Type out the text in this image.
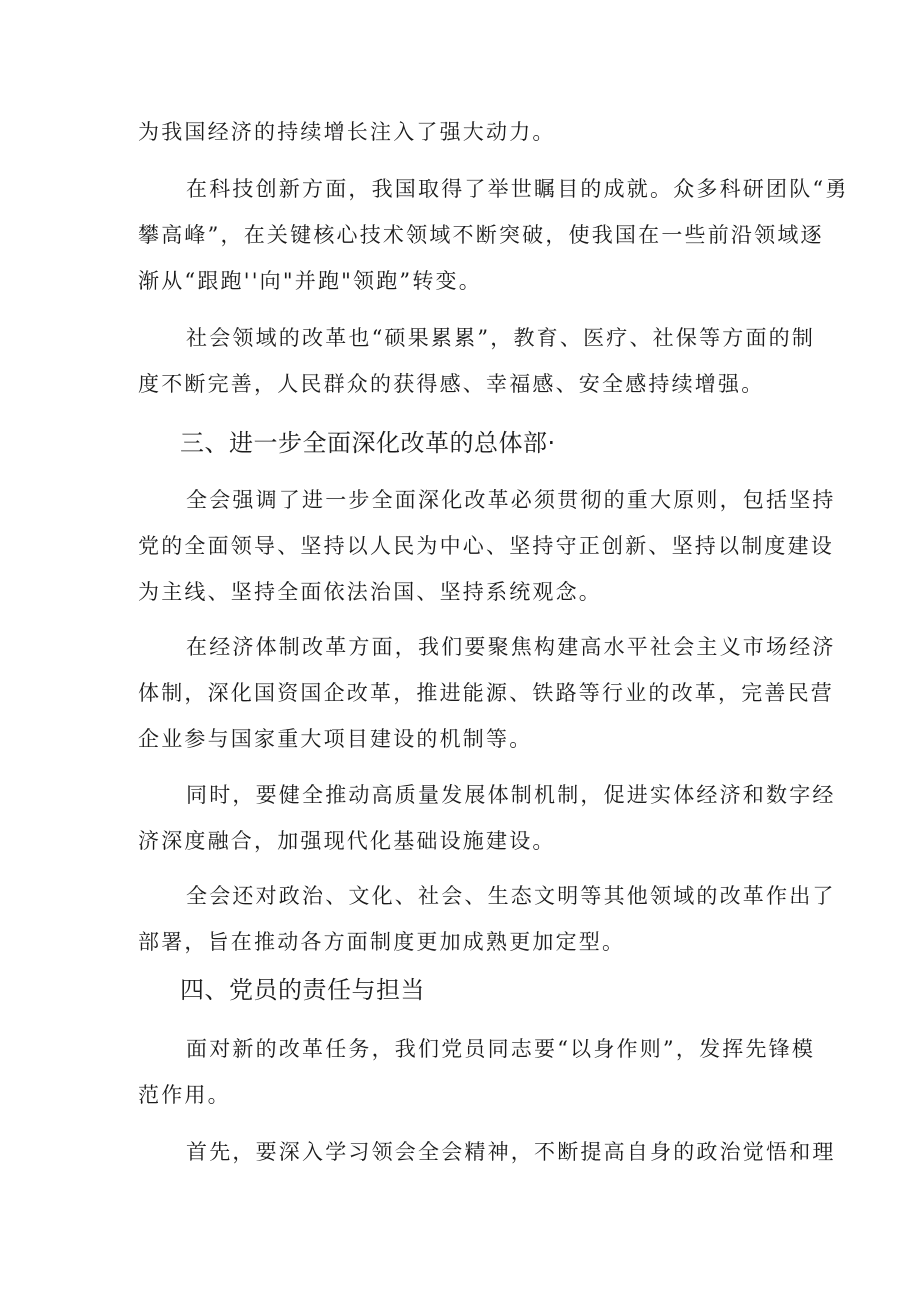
为我国经济的持续增长注入了强大动力。
在科技创新方面，我国取得了举世瞩目的成就。众多科研团队“勇
攀高峰”，在关键核心技术领域不断突破，使我国在一些前沿领域逐
渐从“跟跑''向"并跑"领跑”转变。
社会领域的改革也“硕果累累”，教育、医疗、社保等方面的制
度不断完善，人民群众的获得感、幸福感、安全感持续增强。
三、进一步全面深化改革的总体部·
全会强调了进一步全面深化改革必须贯彻的重大原则，包括坚持
党的全面领导、坚持以人民为中心、坚持守正创新、坚持以制度建设
为主线、坚持全面依法治国、坚持系统观念。
在经济体制改革方面，我们要聚焦构建高水平社会主义市场经济
体制，深化国资国企改革，推进能源、铁路等行业的改革，完善民营
企业参与国家重大项目建设的机制等。
同时，要健全推动高质量发展体制机制，促进实体经济和数字经
济深度融合，加强现代化基础设施建设。
全会还对政治、文化、社会、生态文明等其他领域的改革作出了
部署，旨在推动各方面制度更加成熟更加定型。
四、党员的责任与担当
面对新的改革任务，我们党员同志要“以身作则”，发挥先锋模
范作用。
首先，要深入学习领会全会精神，不断提高自身的政治觉悟和理
